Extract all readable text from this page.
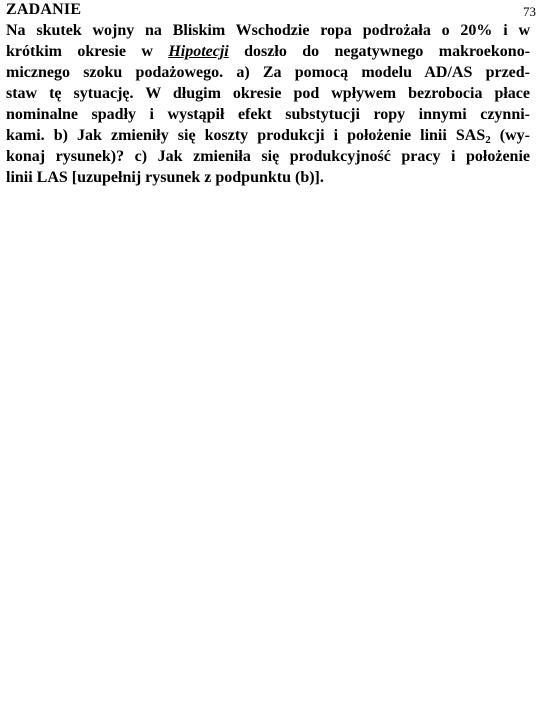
73
ZADANIE
Na skutek wojny na Bliskim Wschodzie ropa podrożała o 20% i w
krótkim okresie w Hipotecji doszło do negatywnego makroekono-
micznego szoku podażowego. a) Za pomocą modelu AD/AS przed-
staw tę sytuację. W długim okresie pod wpływem bezrobocia płace
nominalne spadły i wystąpił efekt substytucji ropy innymi czynni-
kami. b) Jak zmieniły się koszty produkcji i położenie linii $SAS_2$ (wy-
konaj rysunek)? c) Jak zmieniła się produkcyjność pracy i położenie
linii LAS [uzupełnij rysunek z podpunktu (b)].
